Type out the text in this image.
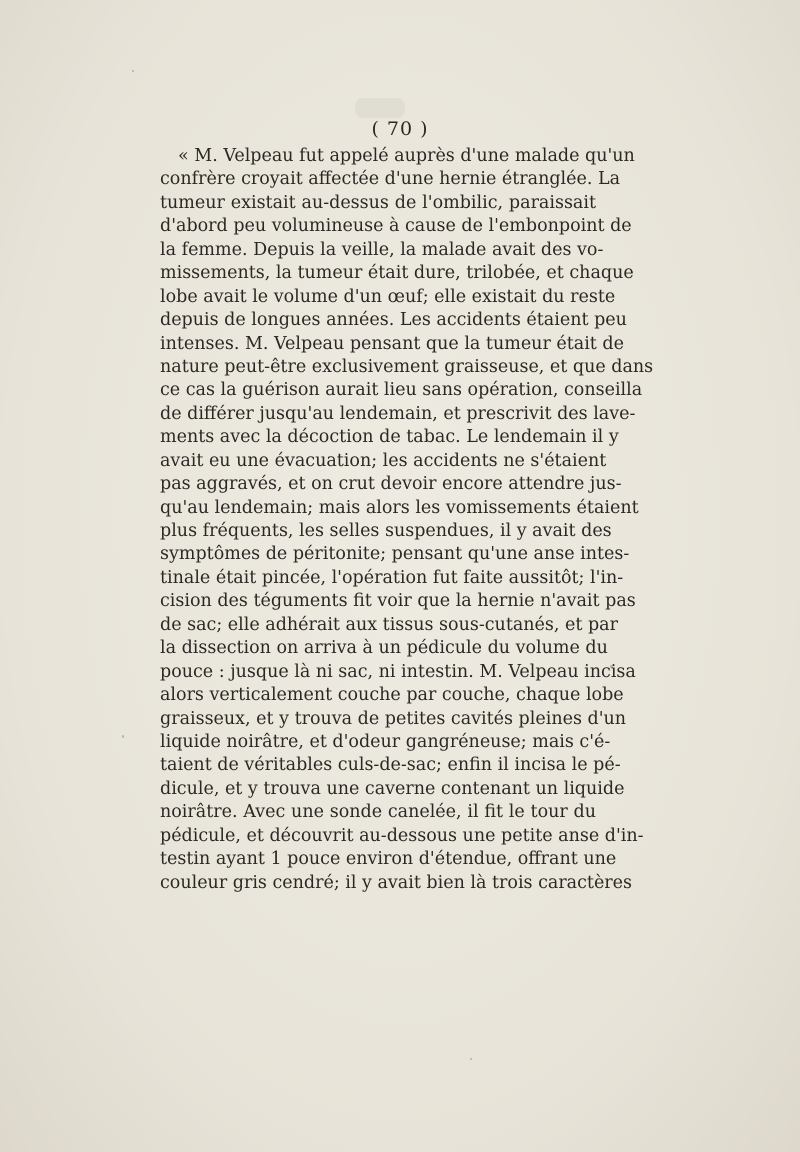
( 70 )
« M. Velpeau fut appelé auprès d'une malade qu'un
confrère croyait affectée d'une hernie étranglée. La
tumeur existait au-dessus de l'ombilic, paraissait
d'abord peu volumineuse à cause de l'embonpoint de
la femme. Depuis la veille, la malade avait des vo-
missements, la tumeur était dure, trilobée, et chaque
lobe avait le volume d'un œuf; elle existait du reste
depuis de longues années. Les accidents étaient peu
intenses. M. Velpeau pensant que la tumeur était de
nature peut-être exclusivement graisseuse, et que dans
ce cas la guérison aurait lieu sans opération, conseilla
de différer jusqu'au lendemain, et prescrivit des lave-
ments avec la décoction de tabac. Le lendemain il y
avait eu une évacuation; les accidents ne s'étaient
pas aggravés, et on crut devoir encore attendre jus-
qu'au lendemain; mais alors les vomissements étaient
plus fréquents, les selles suspendues, il y avait des
symptômes de péritonite; pensant qu'une anse intes-
tinale était pincée, l'opération fut faite aussitôt; l'in-
cision des téguments fit voir que la hernie n'avait pas
de sac; elle adhérait aux tissus sous-cutanés, et par
la dissection on arriva à un pédicule du volume du
pouce : jusque là ni sac, ni intestin. M. Velpeau incisa
alors verticalement couche par couche, chaque lobe
graisseux, et y trouva de petites cavités pleines d'un
liquide noirâtre, et d'odeur gangréneuse; mais c'é-
taient de véritables culs-de-sac; enfin il incisa le pé-
dicule, et y trouva une caverne contenant un liquide
noirâtre. Avec une sonde canelée, il fit le tour du
pédicule, et découvrit au-dessous une petite anse d'in-
testin ayant 1 pouce environ d'étendue, offrant une
couleur gris cendré; il y avait bien là trois caractères
